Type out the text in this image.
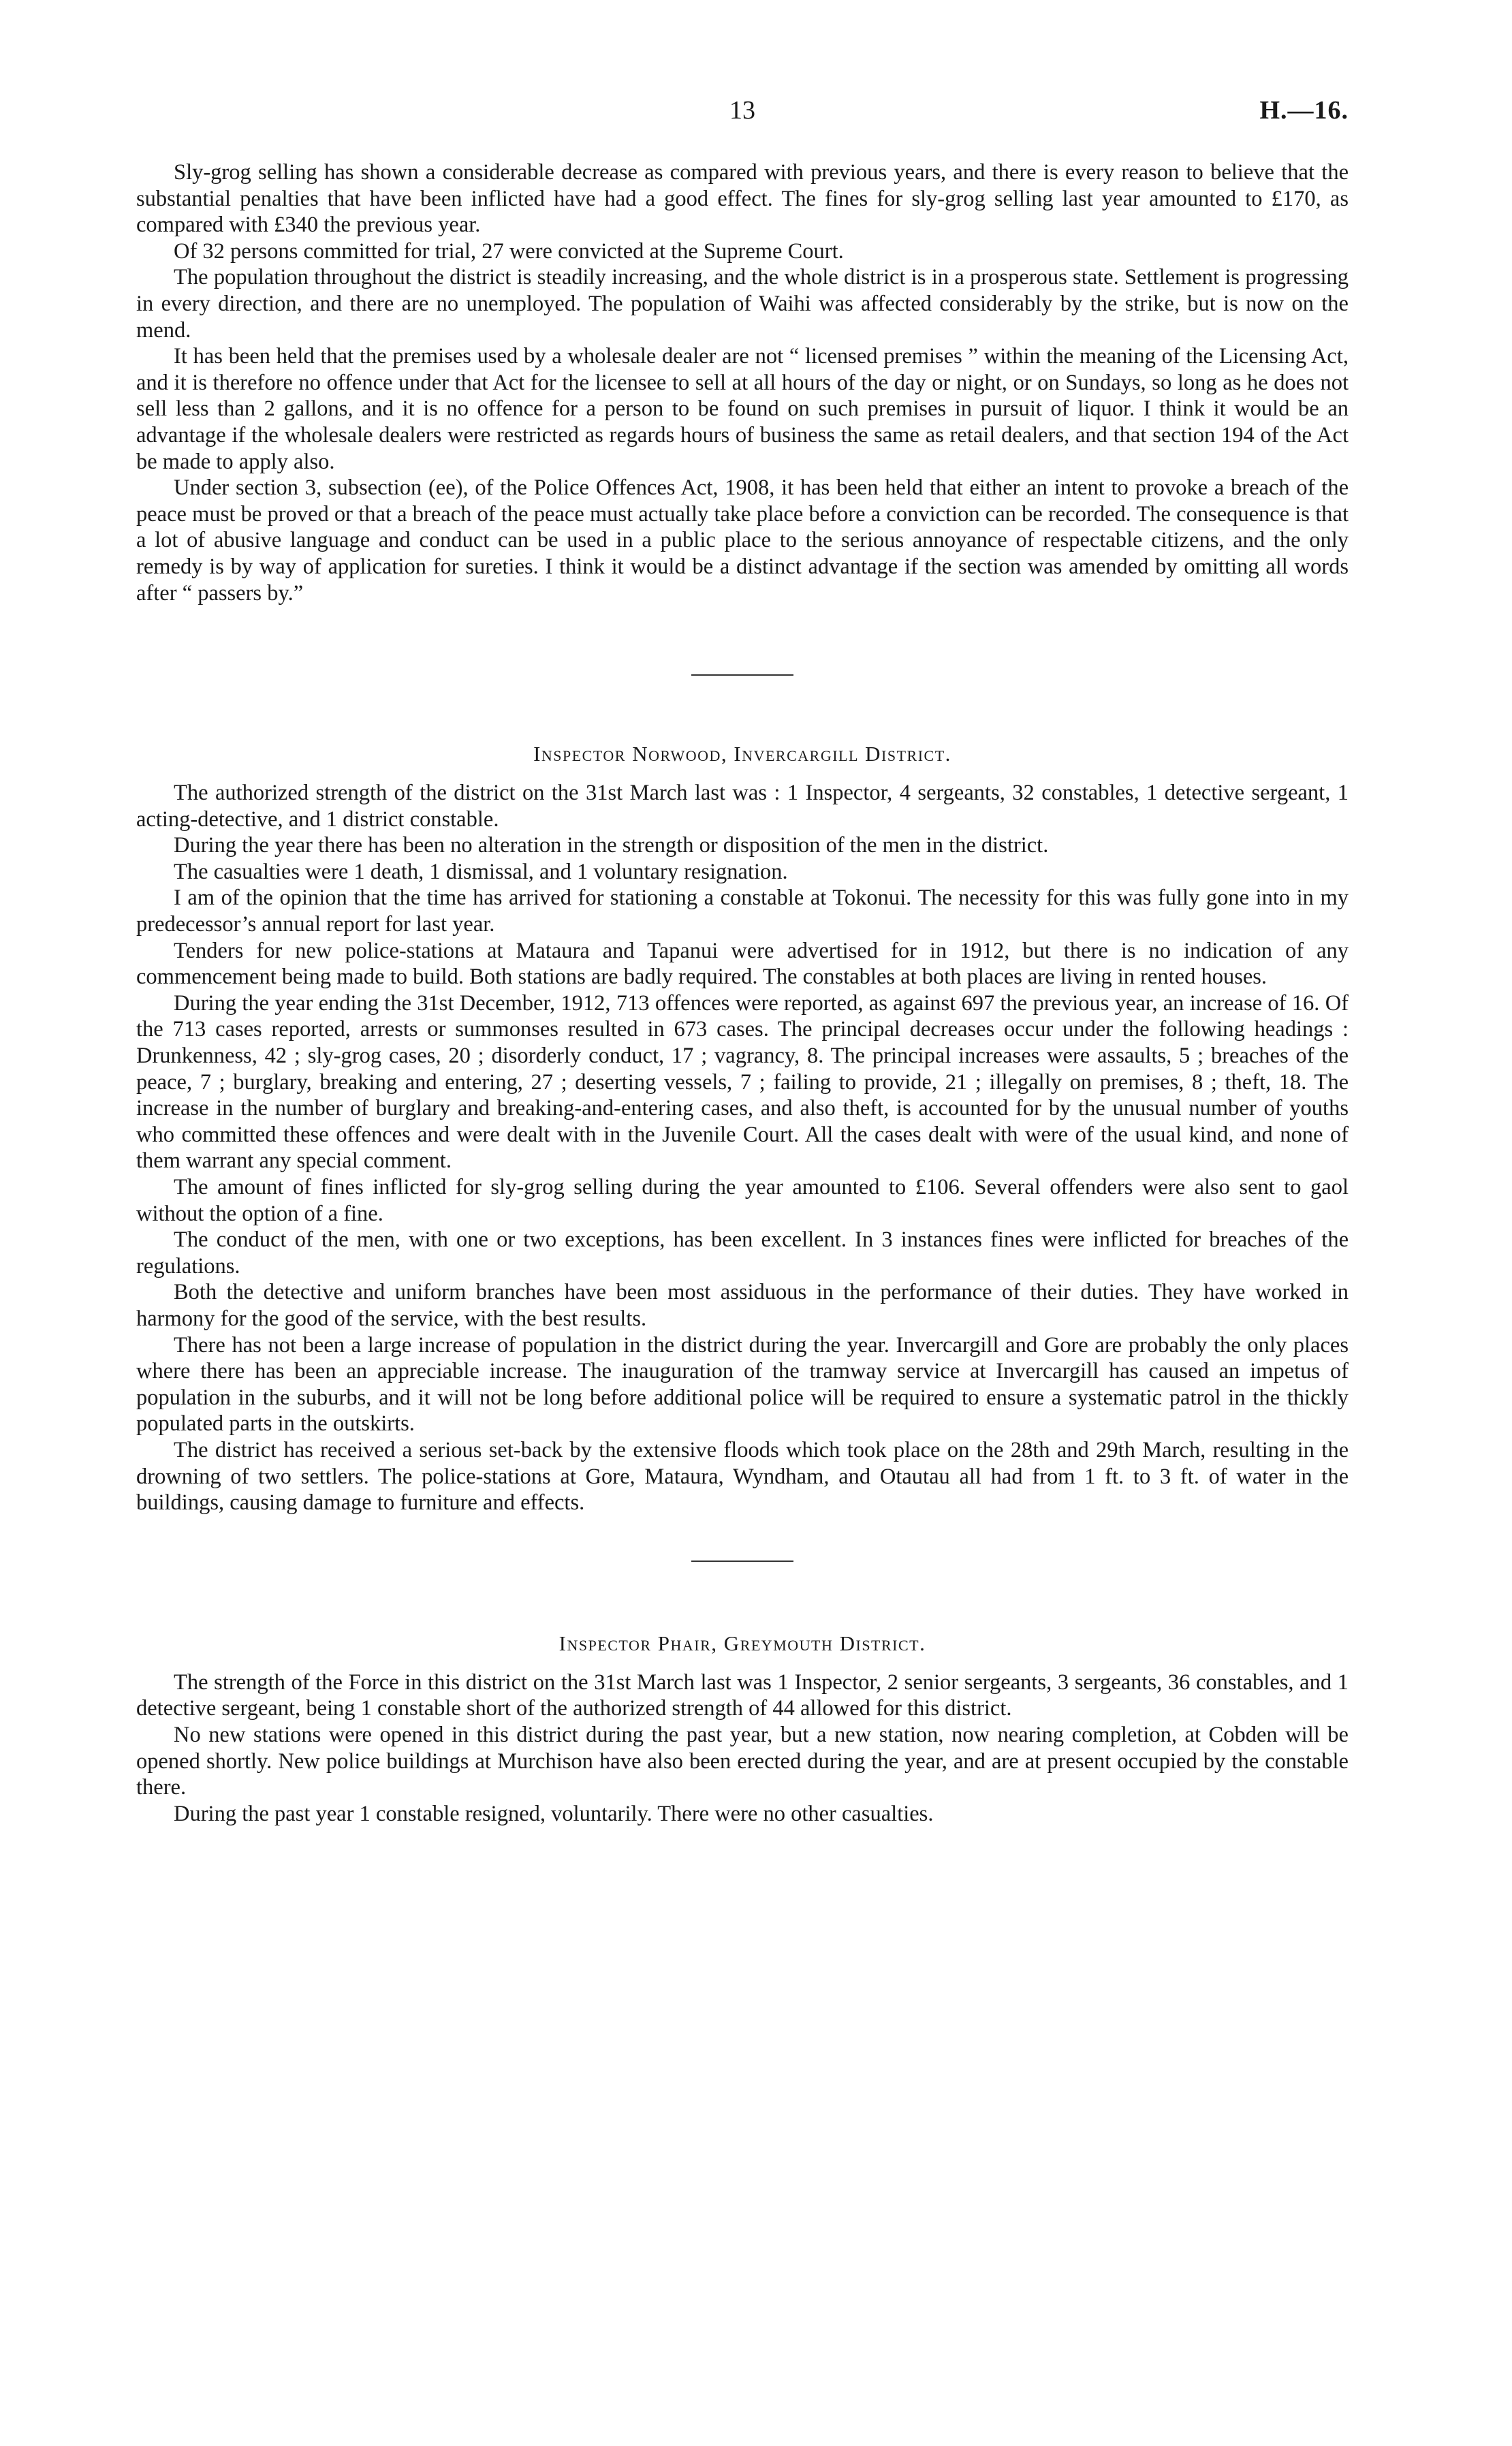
13	H.—16.

Sly-grog selling has shown a considerable decrease as compared with previous years, and there is every reason to believe that the substantial penalties that have been inflicted have had a good effect. The fines for sly-grog selling last year amounted to £170, as compared with £340 the previous year.

Of 32 persons committed for trial, 27 were convicted at the Supreme Court.

The population throughout the district is steadily increasing, and the whole district is in a prosperous state. Settlement is progressing in every direction, and there are no unemployed. The population of Waihi was affected considerably by the strike, but is now on the mend.

It has been held that the premises used by a wholesale dealer are not “ licensed premises ” within the meaning of the Licensing Act, and it is therefore no offence under that Act for the licensee to sell at all hours of the day or night, or on Sundays, so long as he does not sell less than 2 gallons, and it is no offence for a person to be found on such premises in pursuit of liquor. I think it would be an advantage if the wholesale dealers were restricted as regards hours of business the same as retail dealers, and that section 194 of the Act be made to apply also.

Under section 3, subsection (ee), of the Police Offences Act, 1908, it has been held that either an intent to provoke a breach of the peace must be proved or that a breach of the peace must actually take place before a conviction can be recorded. The consequence is that a lot of abusive language and conduct can be used in a public place to the serious annoyance of respectable citizens, and the only remedy is by way of application for sureties. I think it would be a distinct advantage if the section was amended by omitting all words after “ passers by.”

Inspector Norwood, Invercargill District.

The authorized strength of the district on the 31st March last was : 1 Inspector, 4 sergeants, 32 constables, 1 detective sergeant, 1 acting-detective, and 1 district constable.

During the year there has been no alteration in the strength or disposition of the men in the district.

The casualties were 1 death, 1 dismissal, and 1 voluntary resignation.

I am of the opinion that the time has arrived for stationing a constable at Tokonui. The necessity for this was fully gone into in my predecessor’s annual report for last year.

Tenders for new police-stations at Mataura and Tapanui were advertised for in 1912, but there is no indication of any commencement being made to build. Both stations are badly required. The constables at both places are living in rented houses.

During the year ending the 31st December, 1912, 713 offences were reported, as against 697 the previous year, an increase of 16. Of the 713 cases reported, arrests or summonses resulted in 673 cases. The principal decreases occur under the following headings : Drunkenness, 42 ; sly-grog cases, 20 ; disorderly conduct, 17 ; vagrancy, 8. The principal increases were assaults, 5 ; breaches of the peace, 7 ; burglary, breaking and entering, 27 ; deserting vessels, 7 ; failing to provide, 21 ; illegally on premises, 8 ; theft, 18. The increase in the number of burglary and breaking-and-entering cases, and also theft, is accounted for by the unusual number of youths who committed these offences and were dealt with in the Juvenile Court. All the cases dealt with were of the usual kind, and none of them warrant any special comment.

The amount of fines inflicted for sly-grog selling during the year amounted to £106. Several offenders were also sent to gaol without the option of a fine.

The conduct of the men, with one or two exceptions, has been excellent. In 3 instances fines were inflicted for breaches of the regulations.

Both the detective and uniform branches have been most assiduous in the performance of their duties. They have worked in harmony for the good of the service, with the best results.

There has not been a large increase of population in the district during the year. Invercargill and Gore are probably the only places where there has been an appreciable increase. The inauguration of the tramway service at Invercargill has caused an impetus of population in the suburbs, and it will not be long before additional police will be required to ensure a systematic patrol in the thickly populated parts in the outskirts.

The district has received a serious set-back by the extensive floods which took place on the 28th and 29th March, resulting in the drowning of two settlers. The police-stations at Gore, Mataura, Wyndham, and Otautau all had from 1 ft. to 3 ft. of water in the buildings, causing damage to furniture and effects.

Inspector Phair, Greymouth District.

The strength of the Force in this district on the 31st March last was 1 Inspector, 2 senior sergeants, 3 sergeants, 36 constables, and 1 detective sergeant, being 1 constable short of the authorized strength of 44 allowed for this district.

No new stations were opened in this district during the past year, but a new station, now nearing completion, at Cobden will be opened shortly. New police buildings at Murchison have also been erected during the year, and are at present occupied by the constable there.

During the past year 1 constable resigned, voluntarily. There were no other casualties.
